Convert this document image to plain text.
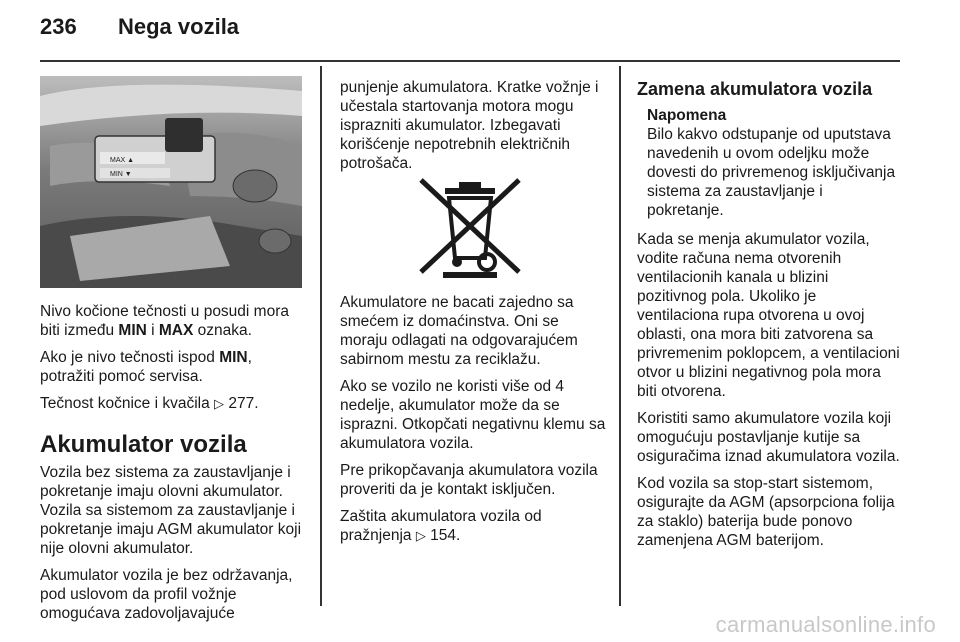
236 Nega vozila
MAX ▲
MIN ▼

Nivo kočione tečnosti u posudi mora biti između MIN i MAX oznaka.

Ako je nivo tečnosti ispod MIN, potražiti pomoć servisa.

Tečnost kočnice i kvačila ▷ 277.

Akumulator vozila

Vozila bez sistema za zaustavljanje i pokretanje imaju olovni akumulator. Vozila sa sistemom za zaustavljanje i pokretanje imaju AGM akumulator koji nije olovni akumulator.

Akumulator vozila je bez održavanja, pod uslovom da profil vožnje omogućava zadovoljavajuće

punjenje akumulatora. Kratke vožnje i učestala startovanja motora mogu isprazniti akumulator. Izbegavati korišćenje nepotrebnih električnih potrošača.

Akumulatore ne bacati zajedno sa smećem iz domaćinstva. Oni se moraju odlagati na odgovarajućem sabirnom mestu za reciklažu.

Ako se vozilo ne koristi više od 4 nedelje, akumulator može da se isprazni. Otkopčati negativnu klemu sa akumulatora vozila.

Pre prikopčavanja akumulatora vozila proveriti da je kontakt isključen.

Zaštita akumulatora vozila od pražnjenja ▷ 154.

Zamena akumulatora vozila
Napomena
Bilo kakvo odstupanje od uputstava navedenih u ovom odeljku može dovesti do privremenog isključivanja sistema za zaustavljanje i pokretanje.

Kada se menja akumulator vozila, vodite računa nema otvorenih ventilacionih kanala u blizini pozitivnog pola. Ukoliko je ventilaciona rupa otvorena u ovoj oblasti, ona mora biti zatvorena sa privremenim poklopcem, a ventilacioni otvor u blizini negativnog pola mora biti otvorena.

Koristiti samo akumulatore vozila koji omogućuju postavljanje kutije sa osiguračima iznad akumulatora vozila.

Kod vozila sa stop-start sistemom, osigurajte da AGM (apsorpciona folija za staklo) baterija bude ponovo zamenjena AGM baterijom.

carmanualsonline.info
